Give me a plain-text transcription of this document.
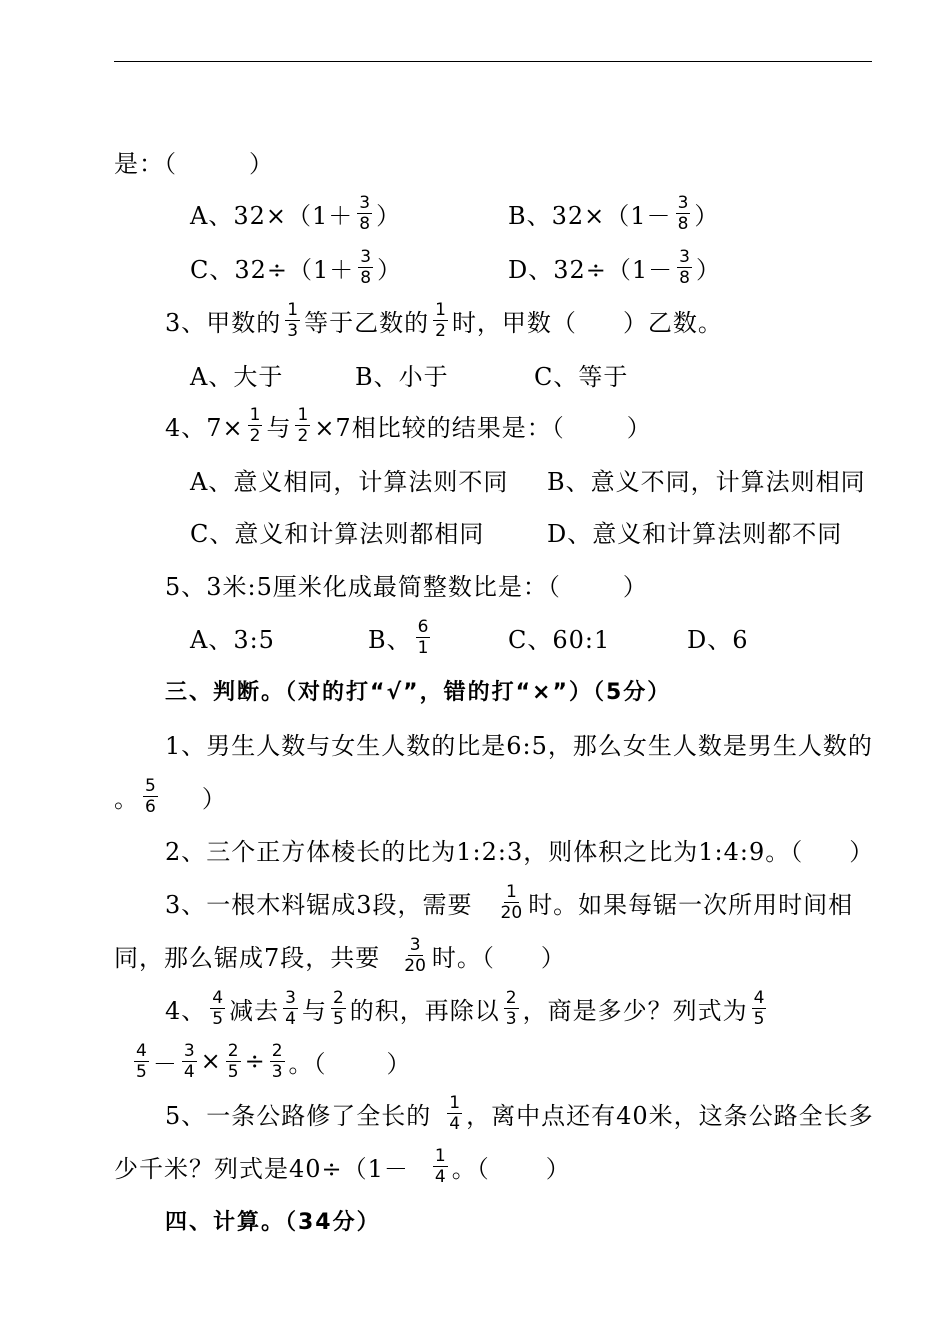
是：（	）
A、$32\times(1+ \frac{3}{8}$ ）	B、$32\times(1- \frac{3}{8}$ ）
C、$32\div(1+ \frac{3}{8}$ ）	D、$32\div(1- \frac{3}{8}$ ）
3、甲数的 $\frac{1}{3}$ 等于乙数的 $\frac{1}{2}$ 时，甲数（ ）乙数。
A、大于	B、小于	C、等于
4、$7\times \frac{1}{2}$ 与 $\frac{1}{2} \times 7$相比较的结果是：（	）
A、意义相同，计算法则不同 B、意义不同，计算法则相同
C、意义和计算法则都相同	D、意义和计算法则都不同
5、3米:5厘米化成最简整数比是：（	）
A、3:5	B、 $\frac{6}{1}$	C、60:1	D、6
三、判断。（对的打“√”，错的打“×”）（5分）
1、男生人数与女生人数的比是6:5，那么女生人数是男生人数的
。 $\frac{5}{6}$ ）
2、三个正方体棱长的比为1:2:3，则体积之比为1:4:9。（ ）
3、一根木料锯成3段，需要 $\frac{1}{20}$ 时。如果每锯一次所用时间相
同，那么锯成7段，共要 $\frac{3}{20}$ 时。（ ）
4、 $\frac{4}{5}$ 减去 $\frac{3}{4}$ 与 $\frac{2}{5}$ 的积，再除以 $\frac{2}{3}$ ，商是多少？列式为 $\frac{4}{5}$
$\frac{4}{5} - \frac{3}{4} \times \frac{2}{5} \div \frac{2}{3}$ 。（	）
5、一条公路修了全长的 $\frac{1}{4}$ ，离中点还有40米，这条公路全长多
少千米？列式是$40\div(1- \frac{1}{4}$ 。（ ）
四、计算。（34分）
